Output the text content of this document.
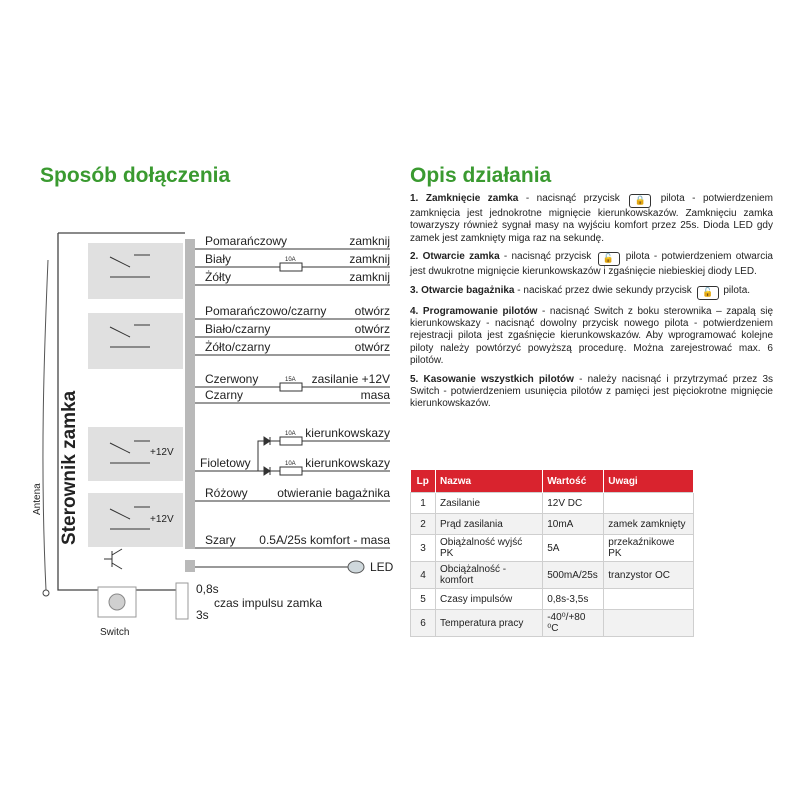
Sposób dołączenia	Opis działania
+12V
+12V
Sterownik zamka
Antena
10A
15A
10A
10A
Pomarańczowy
Biały
Żółty
Pomarańczowo/czarny
Biało/czarny
Żółto/czarny
Czerwony
Czarny
Fioletowy
Różowy
Szary
zamknij
zamknij
zamknij
otwórz
otwórz
otwórz
zasilanie +12V
masa
kierunkowskazy
kierunkowskazy
otwieranie bagażnika
0.5A/25s komfort - masa
LED
Switch
0,8s
3s
czas impulsu zamka

1. Zamknięcie zamka - nacisnąć przycisk 🔒 pilota - potwierdzeniem zamknięcia jest jednokrotne mignięcie kierunkowskazów. Zamknięciu zamka towarzyszy również sygnał masy na wyjściu komfort przez 25s. Dioda LED gdy zamek jest zamknięty miga raz na sekundę.

2. Otwarcie zamka - nacisnąć przycisk 🔓 pilota - potwierdzeniem otwarcia jest dwukrotne mignięcie kierunkowskazów i zgaśnięcie niebieskiej diody LED.

3. Otwarcie bagażnika - naciskać przez dwie sekundy przycisk 🔓 pilota.

4. Programowanie pilotów - nacisnąć Switch z boku sterownika – zapalą się kierunkowskazy - nacisnąć dowolny przycisk nowego pilota - potwierdzeniem rejestracji pilota jest zgaśnięcie kierunkowskazów. Aby wprogramować kolejne piloty należy powtórzyć powyższą procedurę. Można zarejestrować max. 6 pilotów.

5. Kasowanie wszystkich pilotów - należy nacisnąć i przytrzymać przez 3s Switch - potwierdzeniem usunięcia pilotów z pamięci jest pięciokrotne mignięcie kierunkowskazów.

Lp	Nazwa	Wartość	Uwagi
1	Zasilanie	12V DC	
2	Prąd zasilania	10mA	zamek zamknięty
3	Obiążalność wyjść PK	5A	przekaźnikowe PK
4	Obciążalność - komfort	500mA/25s	tranzystor OC
5	Czasy impulsów	0,8s-3,5s	
6	Temperatura pracy	-40⁰/+80 ⁰C	
